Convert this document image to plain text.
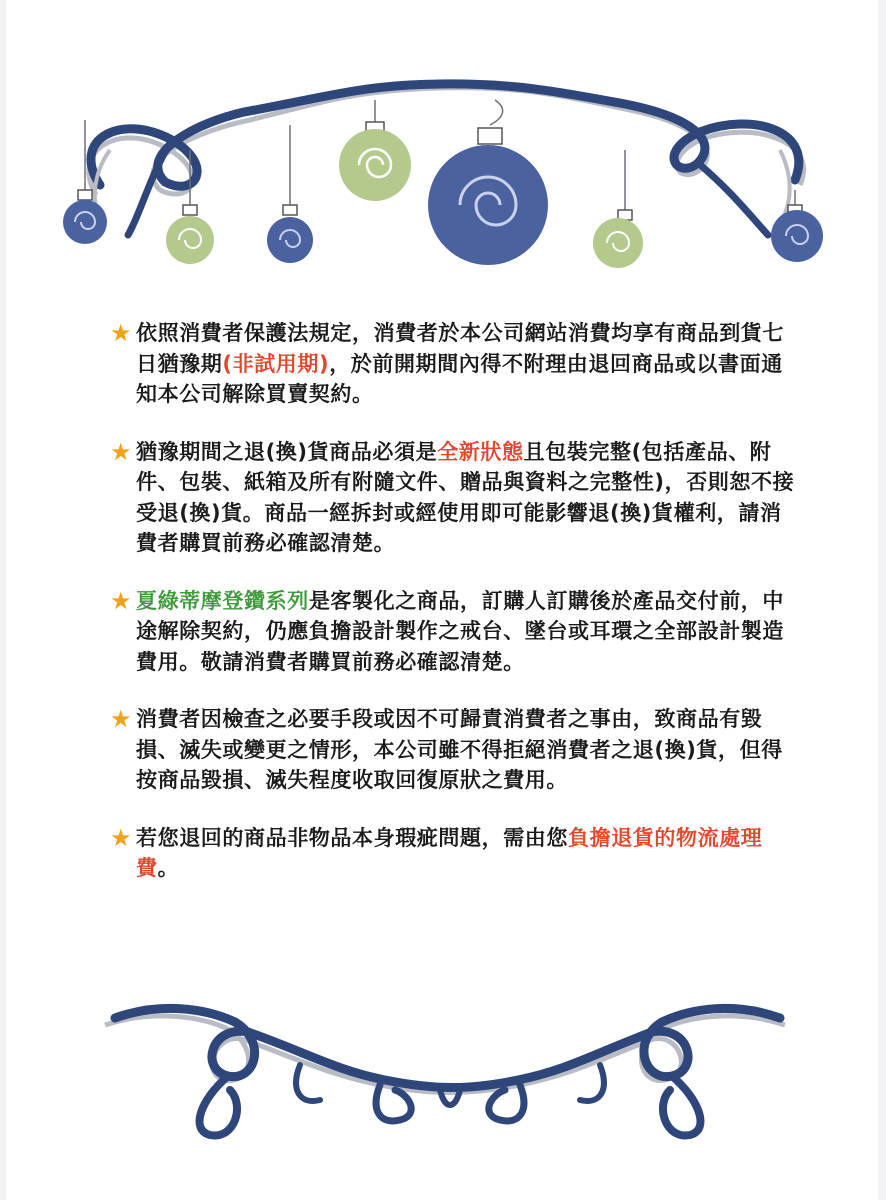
★ 依照消費者保護法規定，消費者於本公司網站消費均享有商品到貨七日猶豫期(非試用期)，於前開期間內得不附理由退回商品或以書面通知本公司解除買賣契約。

★ 猶豫期間之退(換)貨商品必須是全新狀態且包裝完整(包括產品、附件、包裝、紙箱及所有附隨文件、贈品與資料之完整性)，否則恕不接受退(換)貨。商品一經拆封或經使用即可能影響退(換)貨權利，請消費者購買前務必確認清楚。

★ 夏綠蒂摩登鑽系列是客製化之商品，訂購人訂購後於產品交付前，中途解除契約，仍應負擔設計製作之戒台、墜台或耳環之全部設計製造費用。敬請消費者購買前務必確認清楚。

★ 消費者因檢查之必要手段或因不可歸責消費者之事由，致商品有毀損、滅失或變更之情形，本公司雖不得拒絕消費者之退(換)貨，但得按商品毀損、滅失程度收取回復原狀之費用。

★ 若您退回的商品非物品本身瑕疵問題，需由您負擔退貨的物流處理費。
